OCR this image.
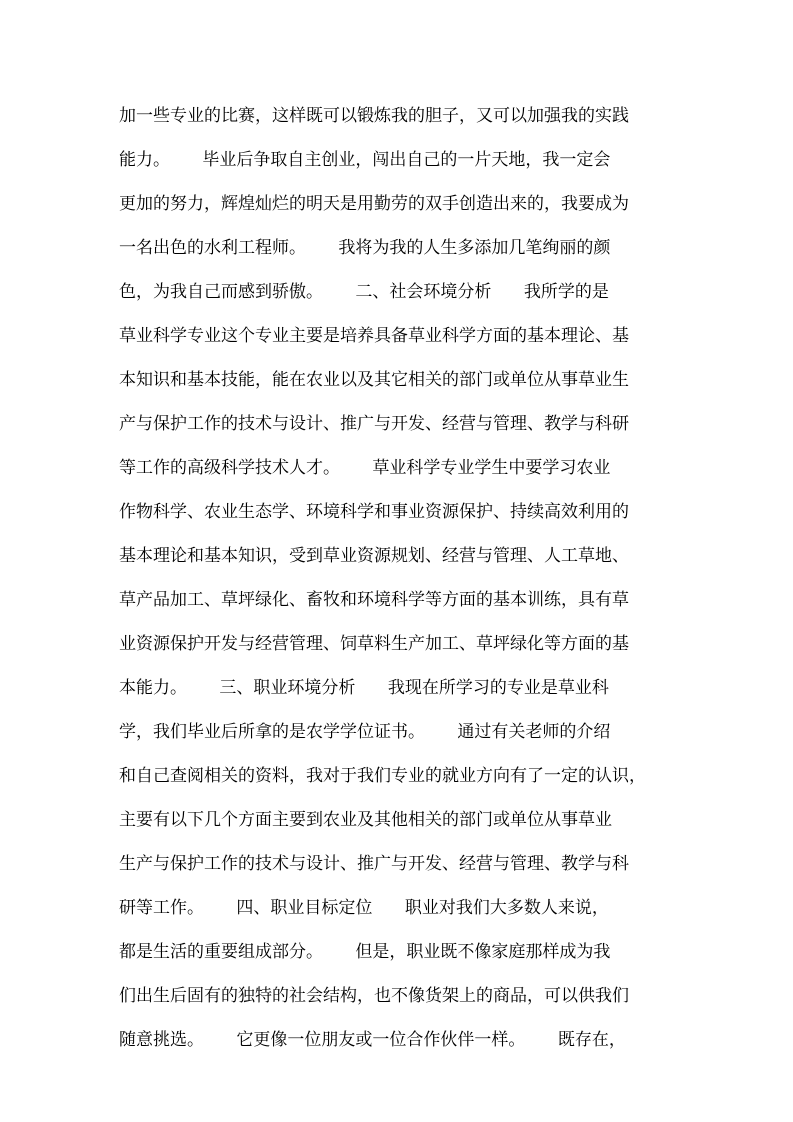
加一些专业的比赛，这样既可以锻炼我的胆子，又可以加强我的实践
能力。      毕业后争取自主创业，闯出自己的一片天地，我一定会
更加的努力，辉煌灿烂的明天是用勤劳的双手创造出来的，我要成为
一名出色的水利工程师。      我将为我的人生多添加几笔绚丽的颜
色，为我自己而感到骄傲。      二、社会环境分析      我所学的是
草业科学专业这个专业主要是培养具备草业科学方面的基本理论、基
本知识和基本技能，能在农业以及其它相关的部门或单位从事草业生
产与保护工作的技术与设计、推广与开发、经营与管理、教学与科研
等工作的高级科学技术人才。      草业科学专业学生中要学习农业
作物科学、农业生态学、环境科学和事业资源保护、持续高效利用的
基本理论和基本知识，受到草业资源规划、经营与管理、人工草地、
草产品加工、草坪绿化、畜牧和环境科学等方面的基本训练，具有草
业资源保护开发与经营管理、饲草料生产加工、草坪绿化等方面的基
本能力。      三、职业环境分析      我现在所学习的专业是草业科
学，我们毕业后所拿的是农学学位证书。      通过有关老师的介绍
和自己查阅相关的资料，我对于我们专业的就业方向有了一定的认识，
主要有以下几个方面主要到农业及其他相关的部门或单位从事草业
生产与保护工作的技术与设计、推广与开发、经营与管理、教学与科
研等工作。      四、职业目标定位      职业对我们大多数人来说，
都是生活的重要组成部分。      但是，职业既不像家庭那样成为我
们出生后固有的独特的社会结构，也不像货架上的商品，可以供我们
随意挑选。      它更像一位朋友或一位合作伙伴一样。      既存在，
